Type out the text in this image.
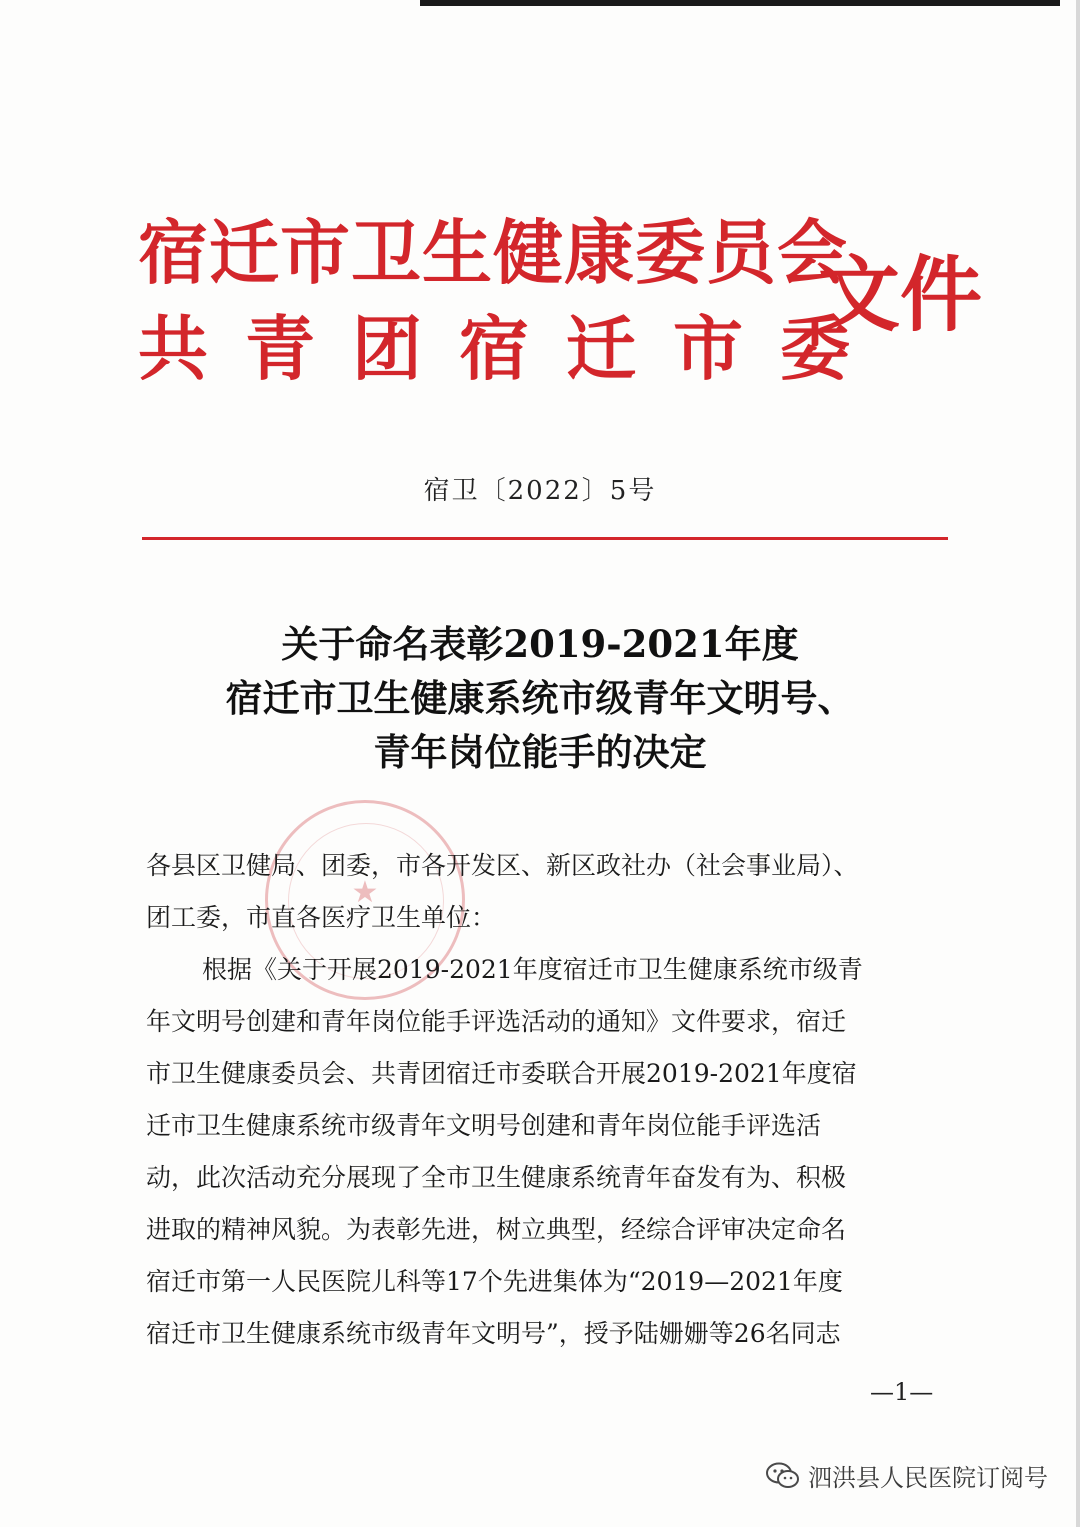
宿迁市卫生健康委员会
共青团宿迁市委
文件
宿卫〔2022〕5号
关于命名表彰2019-2021年度
宿迁市卫生健康系统市级青年文明号、
青年岗位能手的决定
★

各县区卫健局、团委，市各开发区、新区政社办（社会事业局）、

团工委，市直各医疗卫生单位：

根据《关于开展2019-2021年度宿迁市卫生健康系统市级青

年文明号创建和青年岗位能手评选活动的通知》文件要求，宿迁

市卫生健康委员会、共青团宿迁市委联合开展2019-2021年度宿

迁市卫生健康系统市级青年文明号创建和青年岗位能手评选活

动，此次活动充分展现了全市卫生健康系统青年奋发有为、积极

进取的精神风貌。为表彰先进，树立典型，经综合评审决定命名

宿迁市第一人民医院儿科等17个先进集体为“2019—2021年度

宿迁市卫生健康系统市级青年文明号”，授予陆姗姗等26名同志

—1—
泗洪县人民医院订阅号
